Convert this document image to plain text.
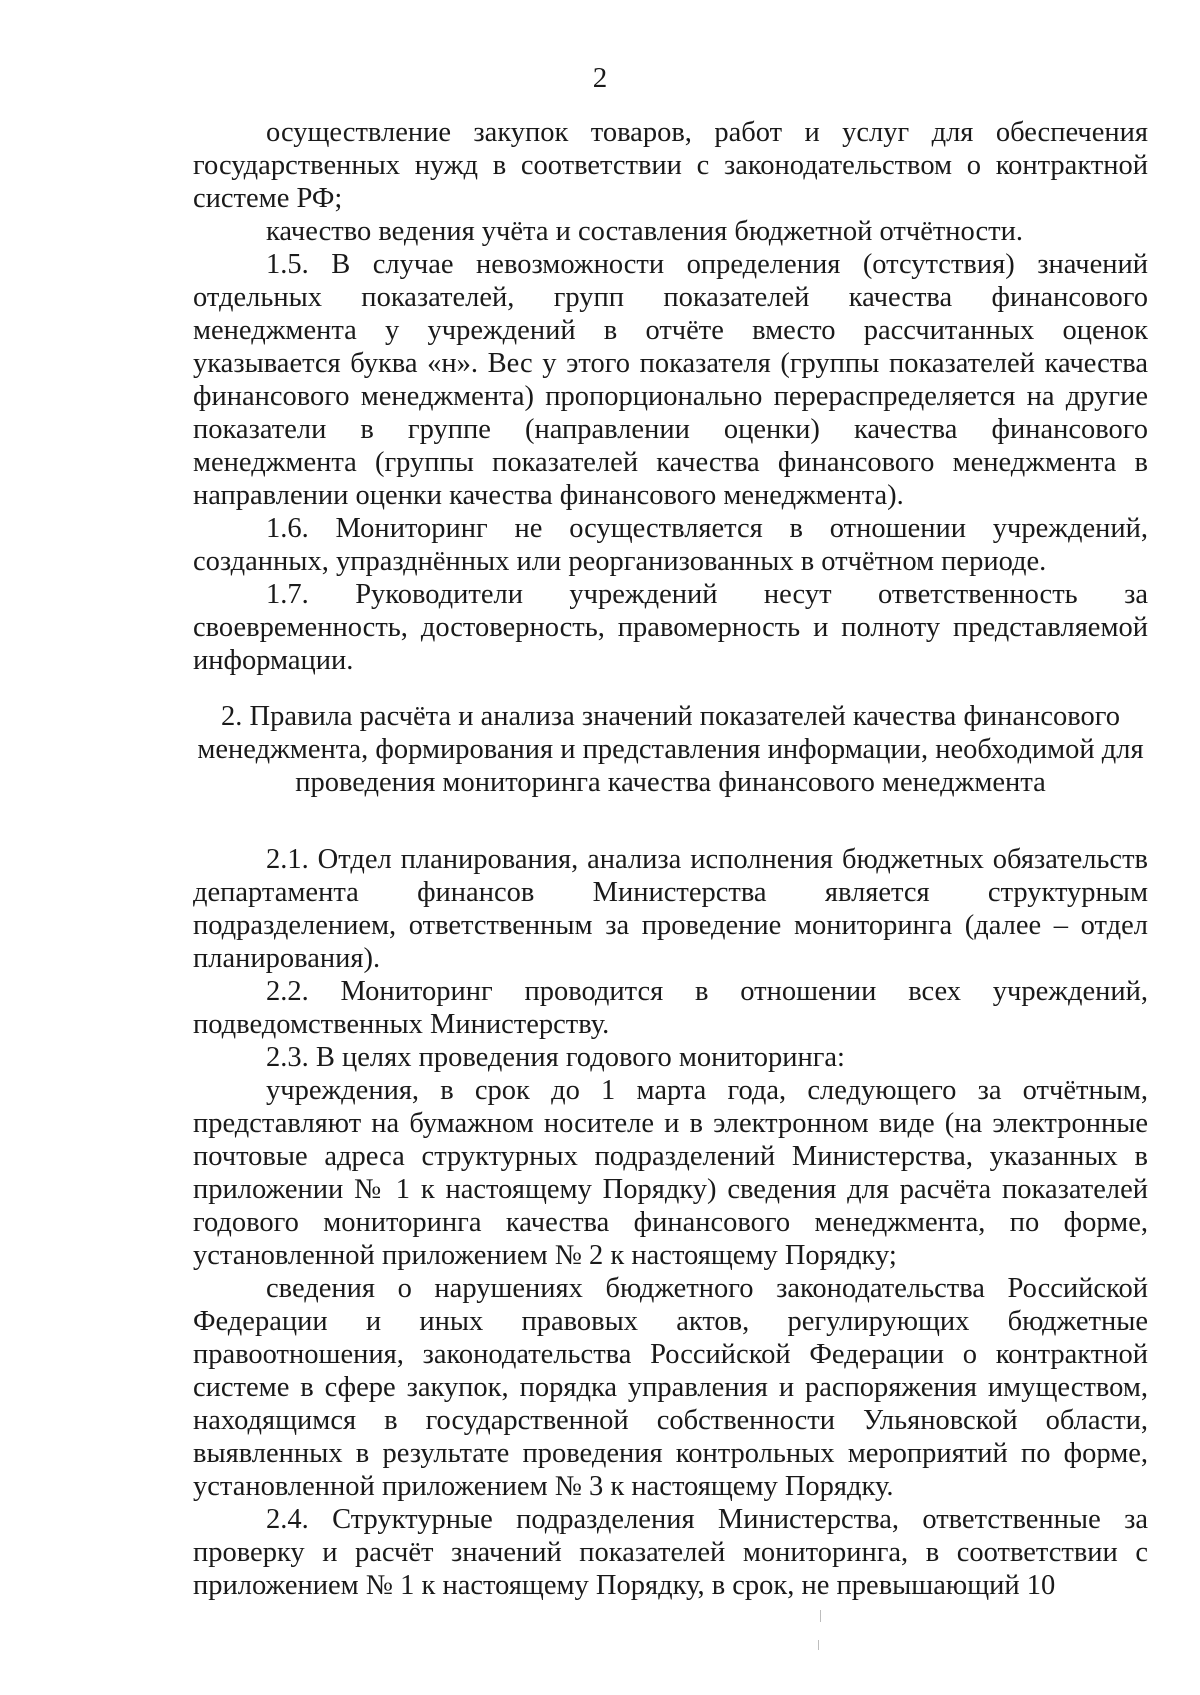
2

осуществление закупок товаров, работ и услуг для обеспечения государственных нужд в соответствии с законодательством о контрактной системе РФ;

качество ведения учёта и составления бюджетной отчётности.

1.5. В случае невозможности определения (отсутствия) значений отдельных показателей, групп показателей качества финансового менеджмента у учреждений в отчёте вместо рассчитанных оценок указывается буква «н». Вес у этого показателя (группы показателей качества финансового менеджмента) пропорционально перераспределяется на другие показатели в группе (направлении оценки) качества финансового менеджмента (группы показателей качества финансового менеджмента в направлении оценки качества финансового менеджмента).

1.6. Мониторинг не осуществляется в отношении учреждений, созданных, упразднённых или реорганизованных в отчётном периоде.

1.7. Руководители учреждений несут ответственность за своевременность, достоверность, правомерность и полноту представляемой информации.

2. Правила расчёта и анализа значений показателей качества финансового
менеджмента, формирования и представления информации, необходимой для
проведения мониторинга качества финансового менеджмента

2.1. Отдел планирования, анализа исполнения бюджетных обязательств департамента финансов Министерства является структурным подразделением, ответственным за проведение мониторинга (далее – отдел планирования).

2.2. Мониторинг проводится в отношении всех учреждений, подведомственных Министерству.

2.3. В целях проведения годового мониторинга:

учреждения, в срок до 1 марта года, следующего за отчётным, представляют на бумажном носителе и в электронном виде (на электронные почтовые адреса структурных подразделений Министерства, указанных в приложении № 1 к настоящему Порядку) сведения для расчёта показателей годового мониторинга качества финансового менеджмента, по форме, установленной приложением № 2 к настоящему Порядку;

сведения о нарушениях бюджетного законодательства Российской Федерации и иных правовых актов, регулирующих бюджетные правоотношения, законодательства Российской Федерации о контрактной системе в сфере закупок, порядка управления и распоряжения имуществом, находящимся в государственной собственности Ульяновской области, выявленных в результате проведения контрольных мероприятий по форме, установленной приложением № 3 к настоящему Порядку.

2.4. Структурные подразделения Министерства, ответственные за проверку и расчёт значений показателей мониторинга, в соответствии с приложением № 1 к настоящему Порядку, в срок, не превышающий 10
